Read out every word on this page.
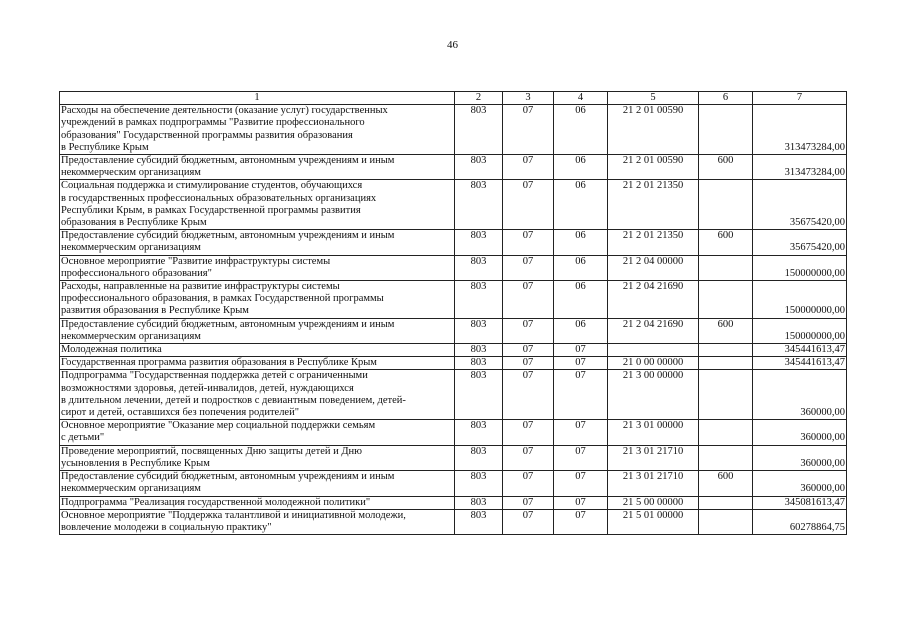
46
1	2	3	4	5	6	7
Расходы на обеспечение деятельности (оказание услуг) государственных
учреждений в рамках подпрограммы "Развитие профессионального
образования" Государственной программы развития образования
в Республике Крым	803	07	06	21 2 01 00590		313473284,00
Предоставление субсидий бюджетным, автономным учреждениям и иным
некоммерческим организациям	803	07	06	21 2 01 00590	600	313473284,00
Социальная поддержка и стимулирование студентов, обучающихся
в государственных профессиональных образовательных организациях
Республики Крым, в рамках Государственной программы развития
образования в Республике Крым	803	07	06	21 2 01 21350		35675420,00
Предоставление субсидий бюджетным, автономным учреждениям и иным
некоммерческим организациям	803	07	06	21 2 01 21350	600	35675420,00
Основное мероприятие "Развитие инфраструктуры системы
профессионального образования"	803	07	06	21 2 04 00000		150000000,00
Расходы, направленные на развитие инфраструктуры системы
профессионального образования, в рамках Государственной программы
развития образования в Республике Крым	803	07	06	21 2 04 21690		150000000,00
Предоставление субсидий бюджетным, автономным учреждениям и иным
некоммерческим организациям	803	07	06	21 2 04 21690	600	150000000,00
Молодежная политика	803	07	07			345441613,47
Государственная программа развития образования в Республике Крым	803	07	07	21 0 00 00000		345441613,47
Подпрограмма "Государственная поддержка детей с ограниченными
возможностями здоровья, детей-инвалидов, детей, нуждающихся
в длительном лечении, детей и подростков с девиантным поведением, детей-
сирот и детей, оставшихся без попечения родителей"	803	07	07	21 3 00 00000		360000,00
Основное мероприятие "Оказание мер социальной поддержки семьям
с детьми"	803	07	07	21 3 01 00000		360000,00
Проведение мероприятий, посвященных Дню защиты детей и Дню
усыновления в Республике Крым	803	07	07	21 3 01 21710		360000,00
Предоставление субсидий бюджетным, автономным учреждениям и иным
некоммерческим организациям	803	07	07	21 3 01 21710	600	360000,00
Подпрограмма "Реализация государственной молодежной политики"	803	07	07	21 5 00 00000		345081613,47
Основное мероприятие "Поддержка талантливой и инициативной молодежи,
вовлечение молодежи в социальную практику"	803	07	07	21 5 01 00000		60278864,75
